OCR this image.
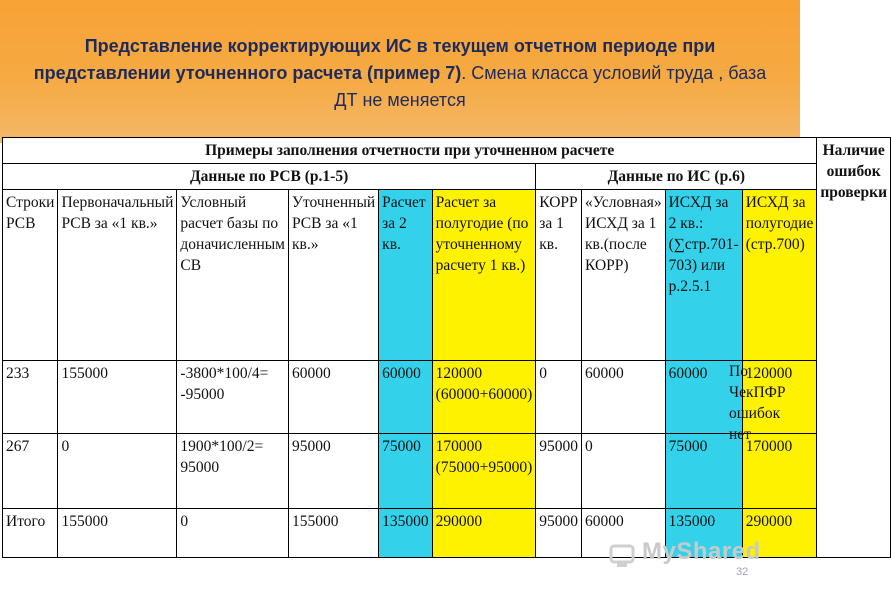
Представление корректирующих ИС в текущем отчетном периоде при представлении уточненного расчета (пример 7). Смена класса условий труда , база ДТ не меняется
Примеры заполнения отчетности при уточненном расчете										Наличие ошибок проверки
Данные по РСВ (р.1-5)						Данные по ИС (р.6)				
Строки РСВ	Первоначальный РСВ за «1 кв.»	Условный расчет базы по доначисленным СВ	Уточненный РСВ за «1 кв.»	Расчет за 2 кв.	Расчет за полугодие (по уточненному расчету 1 кв.)	КОРР за 1 кв.	«Условная» ИСХД за 1 кв.(после КОРР)	ИСХД за 2 кв.: (∑стр.701-703) или р.2.5.1	ИСХД за полугодие (стр.700)	
233	155000	-3800*100/4= -95000	60000	60000	120000 (60000+60000)	0	60000	60000	120000	
267	0	1900*100/2= 95000	95000	75000	170000 (75000+95000)	95000	0	75000	170000	
Итого	155000	0	155000	135000	290000	95000	60000	135000	290000	
По ЧекПФР ошибок нет
MyShared
32
